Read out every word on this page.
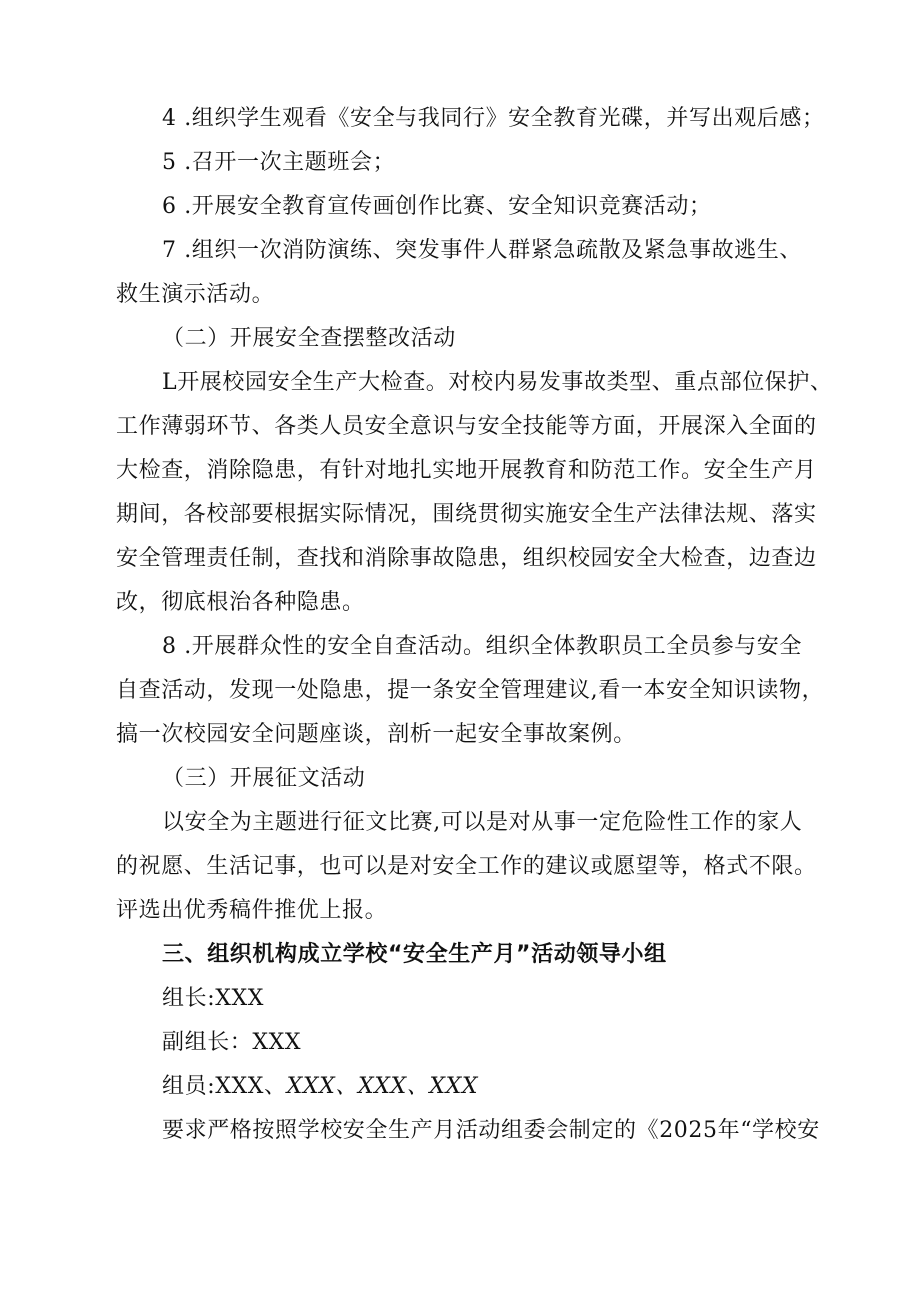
4 .组织学生观看《安全与我同行》安全教育光碟，并写出观后感；

5 .召开一次主题班会；

6 .开展安全教育宣传画创作比赛、安全知识竞赛活动；

7 .组织一次消防演练、突发事件人群紧急疏散及紧急事故逃生、

救生演示活动。

（二）开展安全查摆整改活动

L开展校园安全生产大检查。对校内易发事故类型、重点部位保护、

工作薄弱环节、各类人员安全意识与安全技能等方面，开展深入全面的

大检查，消除隐患，有针对地扎实地开展教育和防范工作。安全生产月

期间，各校部要根据实际情况，围绕贯彻实施安全生产法律法规、落实

安全管理责任制，查找和消除事故隐患，组织校园安全大检查，边查边

改，彻底根治各种隐患。

8 .开展群众性的安全自查活动。组织全体教职员工全员参与安全

自查活动，发现一处隐患，提一条安全管理建议,看一本安全知识读物，

搞一次校园安全问题座谈，剖析一起安全事故案例。

（三）开展征文活动

以安全为主题进行征文比赛,可以是对从事一定危险性工作的家人

的祝愿、生活记事，也可以是对安全工作的建议或愿望等，格式不限。

评选出优秀稿件推优上报。

三、组织机构成立学校“安全生产月”活动领导小组

组长:XXX

副组长：XXX

组员:XXX、XXX、XXX、XXX

要求严格按照学校安全生产月活动组委会制定的《2025年“学校安
